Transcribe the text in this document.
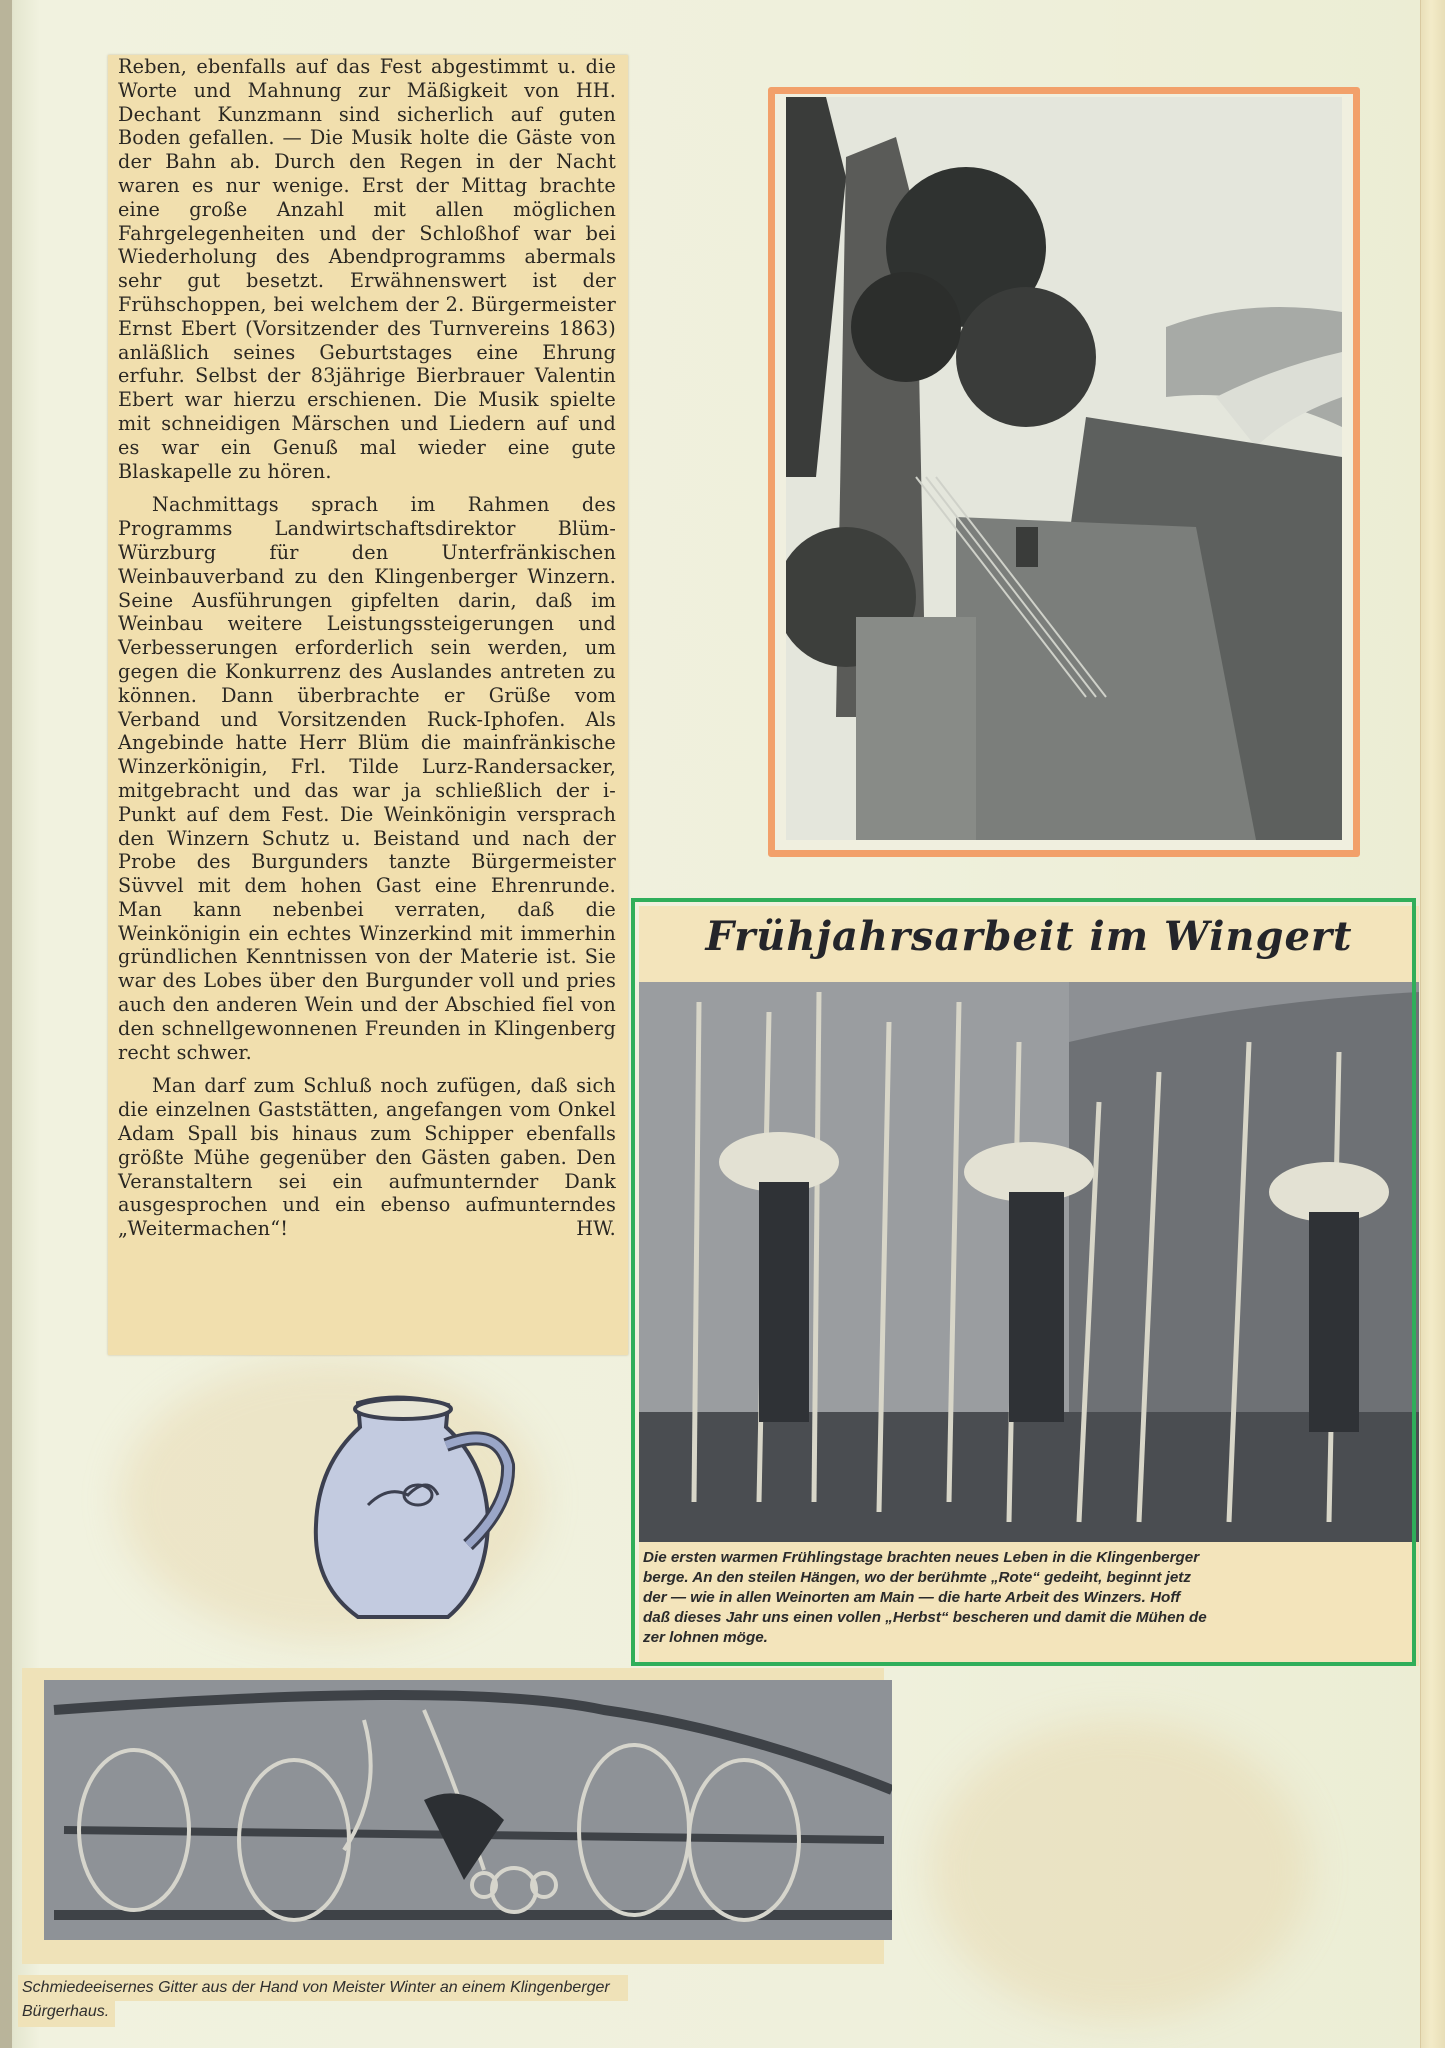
Reben, ebenfalls auf das Fest abgestimmt u. die Worte und Mahnung zur Mäßigkeit von HH. Dechant Kunzmann sind sicherlich auf guten Boden gefallen. — Die Musik holte die Gäste von der Bahn ab. Durch den Regen in der Nacht waren es nur wenige. Erst der Mittag brachte eine große Anzahl mit allen möglichen Fahrgelegenheiten und der Schloßhof war bei Wiederholung des Abendprogramms abermals sehr gut besetzt. Erwähnenswert ist der Frühschoppen, bei welchem der 2. Bürgermeister Ernst Ebert (Vorsitzender des Turnvereins 1863) anläßlich seines Geburtstages eine Ehrung erfuhr. Selbst der 83jährige Bierbrauer Valentin Ebert war hierzu erschienen. Die Musik spielte mit schneidigen Märschen und Liedern auf und es war ein Genuß mal wieder eine gute Blaskapelle zu hören.

Nachmittags sprach im Rahmen des Programms Landwirtschaftsdirektor Blüm-Würzburg für den Unterfränkischen Weinbauverband zu den Klingenberger Winzern. Seine Ausführungen gipfelten darin, daß im Weinbau weitere Leistungssteigerungen und Verbesserungen erforderlich sein werden, um gegen die Konkurrenz des Auslandes antreten zu können. Dann überbrachte er Grüße vom Verband und Vorsitzenden Ruck-Iphofen. Als Angebinde hatte Herr Blüm die mainfränkische Winzerkönigin, Frl. Tilde Lurz-Randersacker, mitgebracht und das war ja schließlich der i-Punkt auf dem Fest. Die Weinkönigin versprach den Winzern Schutz u. Beistand und nach der Probe des Burgunders tanzte Bürgermeister Süvvel mit dem hohen Gast eine Ehrenrunde. Man kann nebenbei verraten, daß die Weinkönigin ein echtes Winzerkind mit immerhin gründlichen Kenntnissen von der Materie ist. Sie war des Lobes über den Burgunder voll und pries auch den anderen Wein und der Abschied fiel von den schnellgewonnenen Freunden in Klingenberg recht schwer.

Man darf zum Schluß noch zufügen, daß sich die einzelnen Gaststätten, angefangen vom Onkel Adam Spall bis hinaus zum Schipper ebenfalls größte Mühe gegenüber den Gästen gaben. Den Veranstaltern sei ein aufmunternder Dank ausgesprochen und ein ebenso aufmunterndes „Weitermachen“!	HW.

Frühjahrsarbeit im Wingert
Die ersten warmen Frühlingstage brachten neues Leben in die Klingenberger
berge. An den steilen Hängen, wo der berühmte „Rote“ gedeiht, beginnt jetz
der — wie in allen Weinorten am Main — die harte Arbeit des Winzers. Hoff
daß dieses Jahr uns einen vollen „Herbst“ bescheren und damit die Mühen de
zer lohnen möge.
Schmiedeeisernes Gitter aus der Hand von Meister Winter an einem Klingenberger
Bürgerhaus.
